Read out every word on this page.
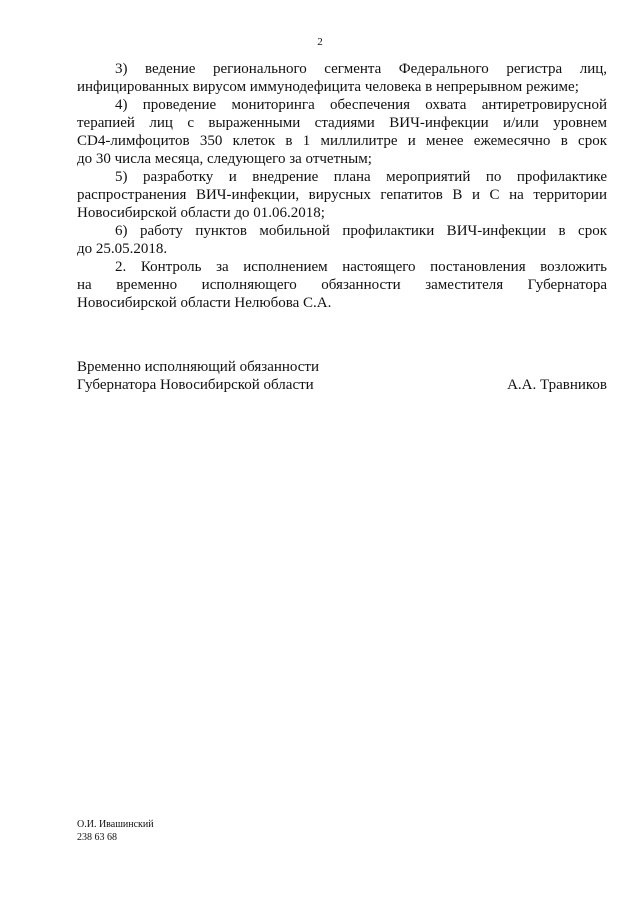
2

3) ведение регионального сегмента Федерального регистра лиц,

инфицированных вирусом иммунодефицита человека в непрерывном режиме;

4) проведение мониторинга обеспечения охвата антиретровирусной

терапией лиц с выраженными стадиями ВИЧ-инфекции и/или уровнем

CD4-лимфоцитов 350 клеток в 1 миллилитре и менее ежемесячно в срок

до 30 числа месяца, следующего за отчетным;

5) разработку и внедрение плана мероприятий по профилактике

распространения ВИЧ-инфекции, вирусных гепатитов В и С на территории

Новосибирской области до 01.06.2018;

6) работу пунктов мобильной профилактики ВИЧ-инфекции в срок

до 25.05.2018.

2. Контроль за исполнением настоящего постановления возложить

на временно исполняющего обязанности заместителя Губернатора

Новосибирской области Нелюбова С.А.

Временно исполняющий обязанности

Губернатора Новосибирской области	А.А. Травников
О.И. Ивашинский
238 63 68
